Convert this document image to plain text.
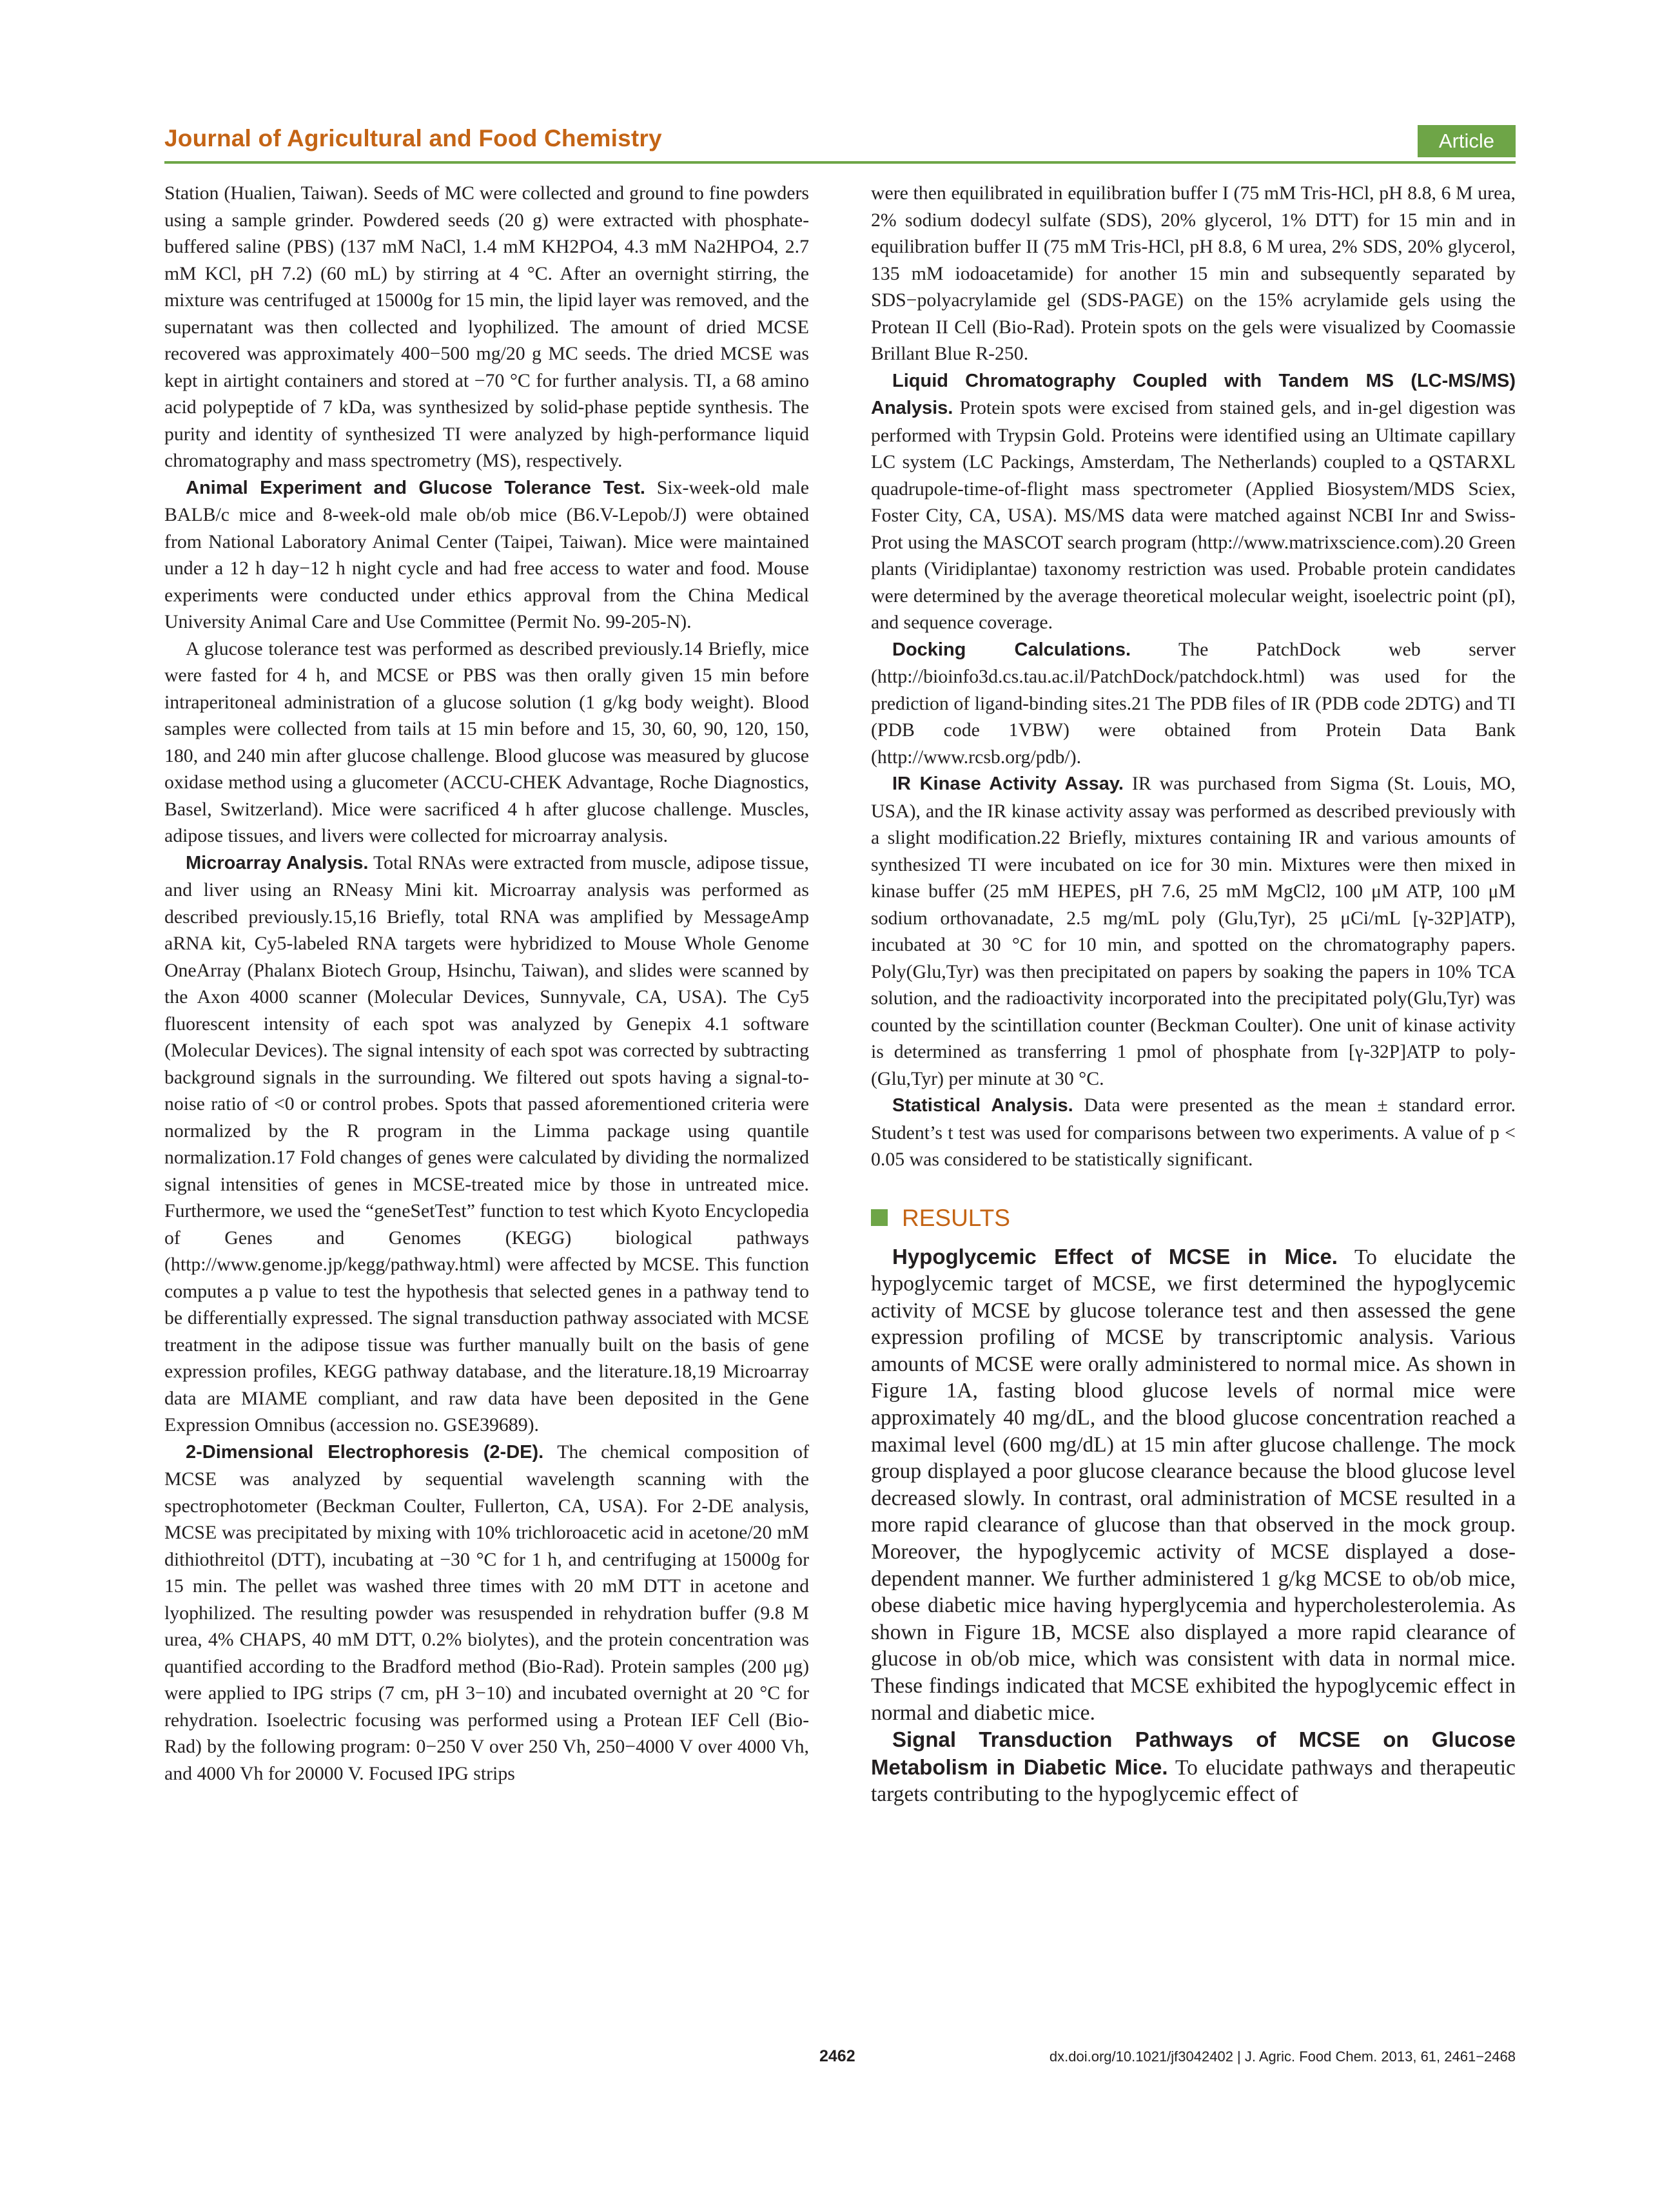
Journal of Agricultural and Food Chemistry	Article

Station (Hualien, Taiwan). Seeds of MC were collected and ground to fine powders using a sample grinder. Powdered seeds (20 g) were extracted with phosphate-buffered saline (PBS) (137 mM NaCl, 1.4 mM KH2PO4, 4.3 mM Na2HPO4, 2.7 mM KCl, pH 7.2) (60 mL) by stirring at 4 °C. After an overnight stirring, the mixture was centrifuged at 15000g for 15 min, the lipid layer was removed, and the supernatant was then collected and lyophilized. The amount of dried MCSE recovered was approximately 400−500 mg/20 g MC seeds. The dried MCSE was kept in airtight containers and stored at −70 °C for further analysis. TI, a 68 amino acid polypeptide of 7 kDa, was synthesized by solid-phase peptide synthesis. The purity and identity of synthesized TI were analyzed by high-performance liquid chromatography and mass spectrometry (MS), respectively.

Animal Experiment and Glucose Tolerance Test. Six-week-old male BALB/c mice and 8-week-old male ob/ob mice (B6.V-Lepob/J) were obtained from National Laboratory Animal Center (Taipei, Taiwan). Mice were maintained under a 12 h day−12 h night cycle and had free access to water and food. Mouse experiments were conducted under ethics approval from the China Medical University Animal Care and Use Committee (Permit No. 99-205-N).

A glucose tolerance test was performed as described previously.14 Briefly, mice were fasted for 4 h, and MCSE or PBS was then orally given 15 min before intraperitoneal administration of a glucose solution (1 g/kg body weight). Blood samples were collected from tails at 15 min before and 15, 30, 60, 90, 120, 150, 180, and 240 min after glucose challenge. Blood glucose was measured by glucose oxidase method using a glucometer (ACCU-CHEK Advantage, Roche Diagnostics, Basel, Switzerland). Mice were sacrificed 4 h after glucose challenge. Muscles, adipose tissues, and livers were collected for microarray analysis.

Microarray Analysis. Total RNAs were extracted from muscle, adipose tissue, and liver using an RNeasy Mini kit. Microarray analysis was performed as described previously.15,16 Briefly, total RNA was amplified by MessageAmp aRNA kit, Cy5-labeled RNA targets were hybridized to Mouse Whole Genome OneArray (Phalanx Biotech Group, Hsinchu, Taiwan), and slides were scanned by the Axon 4000 scanner (Molecular Devices, Sunnyvale, CA, USA). The Cy5 fluorescent intensity of each spot was analyzed by Genepix 4.1 software (Molecular Devices). The signal intensity of each spot was corrected by subtracting background signals in the surrounding. We filtered out spots having a signal-to-noise ratio of <0 or control probes. Spots that passed aforementioned criteria were normalized by the R program in the Limma package using quantile normalization.17 Fold changes of genes were calculated by dividing the normalized signal intensities of genes in MCSE-treated mice by those in untreated mice. Furthermore, we used the “geneSetTest” function to test which Kyoto Encyclopedia of Genes and Genomes (KEGG) biological pathways (http://www.genome.jp/kegg/pathway.html) were affected by MCSE. This function computes a p value to test the hypothesis that selected genes in a pathway tend to be differentially expressed. The signal transduction pathway associated with MCSE treatment in the adipose tissue was further manually built on the basis of gene expression profiles, KEGG pathway database, and the literature.18,19 Microarray data are MIAME compliant, and raw data have been deposited in the Gene Expression Omnibus (accession no. GSE39689).

2-Dimensional Electrophoresis (2-DE). The chemical composition of MCSE was analyzed by sequential wavelength scanning with the spectrophotometer (Beckman Coulter, Fullerton, CA, USA). For 2-DE analysis, MCSE was precipitated by mixing with 10% trichloroacetic acid in acetone/20 mM dithiothreitol (DTT), incubating at −30 °C for 1 h, and centrifuging at 15000g for 15 min. The pellet was washed three times with 20 mM DTT in acetone and lyophilized. The resulting powder was resuspended in rehydration buffer (9.8 M urea, 4% CHAPS, 40 mM DTT, 0.2% biolytes), and the protein concentration was quantified according to the Bradford method (Bio-Rad). Protein samples (200 μg) were applied to IPG strips (7 cm, pH 3−10) and incubated overnight at 20 °C for rehydration. Isoelectric focusing was performed using a Protean IEF Cell (Bio-Rad) by the following program: 0−250 V over 250 Vh, 250−4000 V over 4000 Vh, and 4000 Vh for 20000 V. Focused IPG strips

were then equilibrated in equilibration buffer I (75 mM Tris-HCl, pH 8.8, 6 M urea, 2% sodium dodecyl sulfate (SDS), 20% glycerol, 1% DTT) for 15 min and in equilibration buffer II (75 mM Tris-HCl, pH 8.8, 6 M urea, 2% SDS, 20% glycerol, 135 mM iodoacetamide) for another 15 min and subsequently separated by SDS−polyacrylamide gel (SDS-PAGE) on the 15% acrylamide gels using the Protean II Cell (Bio-Rad). Protein spots on the gels were visualized by Coomassie Brillant Blue R-250.

Liquid Chromatography Coupled with Tandem MS (LC-MS/MS) Analysis. Protein spots were excised from stained gels, and in-gel digestion was performed with Trypsin Gold. Proteins were identified using an Ultimate capillary LC system (LC Packings, Amsterdam, The Netherlands) coupled to a QSTARXL quadrupole-time-of-flight mass spectrometer (Applied Biosystem/MDS Sciex, Foster City, CA, USA). MS/MS data were matched against NCBI Inr and Swiss-Prot using the MASCOT search program (http://www.matrixscience.com).20 Green plants (Viridiplantae) taxonomy restriction was used. Probable protein candidates were determined by the average theoretical molecular weight, isoelectric point (pI), and sequence coverage.

Docking Calculations. The PatchDock web server (http://bioinfo3d.cs.tau.ac.il/PatchDock/patchdock.html) was used for the prediction of ligand-binding sites.21 The PDB files of IR (PDB code 2DTG) and TI (PDB code 1VBW) were obtained from Protein Data Bank (http://www.rcsb.org/pdb/).

IR Kinase Activity Assay. IR was purchased from Sigma (St. Louis, MO, USA), and the IR kinase activity assay was performed as described previously with a slight modification.22 Briefly, mixtures containing IR and various amounts of synthesized TI were incubated on ice for 30 min. Mixtures were then mixed in kinase buffer (25 mM HEPES, pH 7.6, 25 mM MgCl2, 100 μM ATP, 100 μM sodium orthovanadate, 2.5 mg/mL poly (Glu,Tyr), 25 μCi/mL [γ-32P]ATP), incubated at 30 °C for 10 min, and spotted on the chromatography papers. Poly(Glu,Tyr) was then precipitated on papers by soaking the papers in 10% TCA solution, and the radioactivity incorporated into the precipitated poly(Glu,Tyr) was counted by the scintillation counter (Beckman Coulter). One unit of kinase activity is determined as transferring 1 pmol of phosphate from [γ-32P]ATP to poly-(Glu,Tyr) per minute at 30 °C.

Statistical Analysis. Data were presented as the mean ± standard error. Student’s t test was used for comparisons between two experiments. A value of p < 0.05 was considered to be statistically significant.

RESULTS

Hypoglycemic Effect of MCSE in Mice. To elucidate the hypoglycemic target of MCSE, we first determined the hypoglycemic activity of MCSE by glucose tolerance test and then assessed the gene expression profiling of MCSE by transcriptomic analysis. Various amounts of MCSE were orally administered to normal mice. As shown in Figure 1A, fasting blood glucose levels of normal mice were approximately 40 mg/dL, and the blood glucose concentration reached a maximal level (600 mg/dL) at 15 min after glucose challenge. The mock group displayed a poor glucose clearance because the blood glucose level decreased slowly. In contrast, oral administration of MCSE resulted in a more rapid clearance of glucose than that observed in the mock group. Moreover, the hypoglycemic activity of MCSE displayed a dose-dependent manner. We further administered 1 g/kg MCSE to ob/ob mice, obese diabetic mice having hyperglycemia and hypercholesterolemia. As shown in Figure 1B, MCSE also displayed a more rapid clearance of glucose in ob/ob mice, which was consistent with data in normal mice. These findings indicated that MCSE exhibited the hypoglycemic effect in normal and diabetic mice.

Signal Transduction Pathways of MCSE on Glucose Metabolism in Diabetic Mice. To elucidate pathways and therapeutic targets contributing to the hypoglycemic effect of

2462	dx.doi.org/10.1021/jf3042402 | J. Agric. Food Chem. 2013, 61, 2461−2468
